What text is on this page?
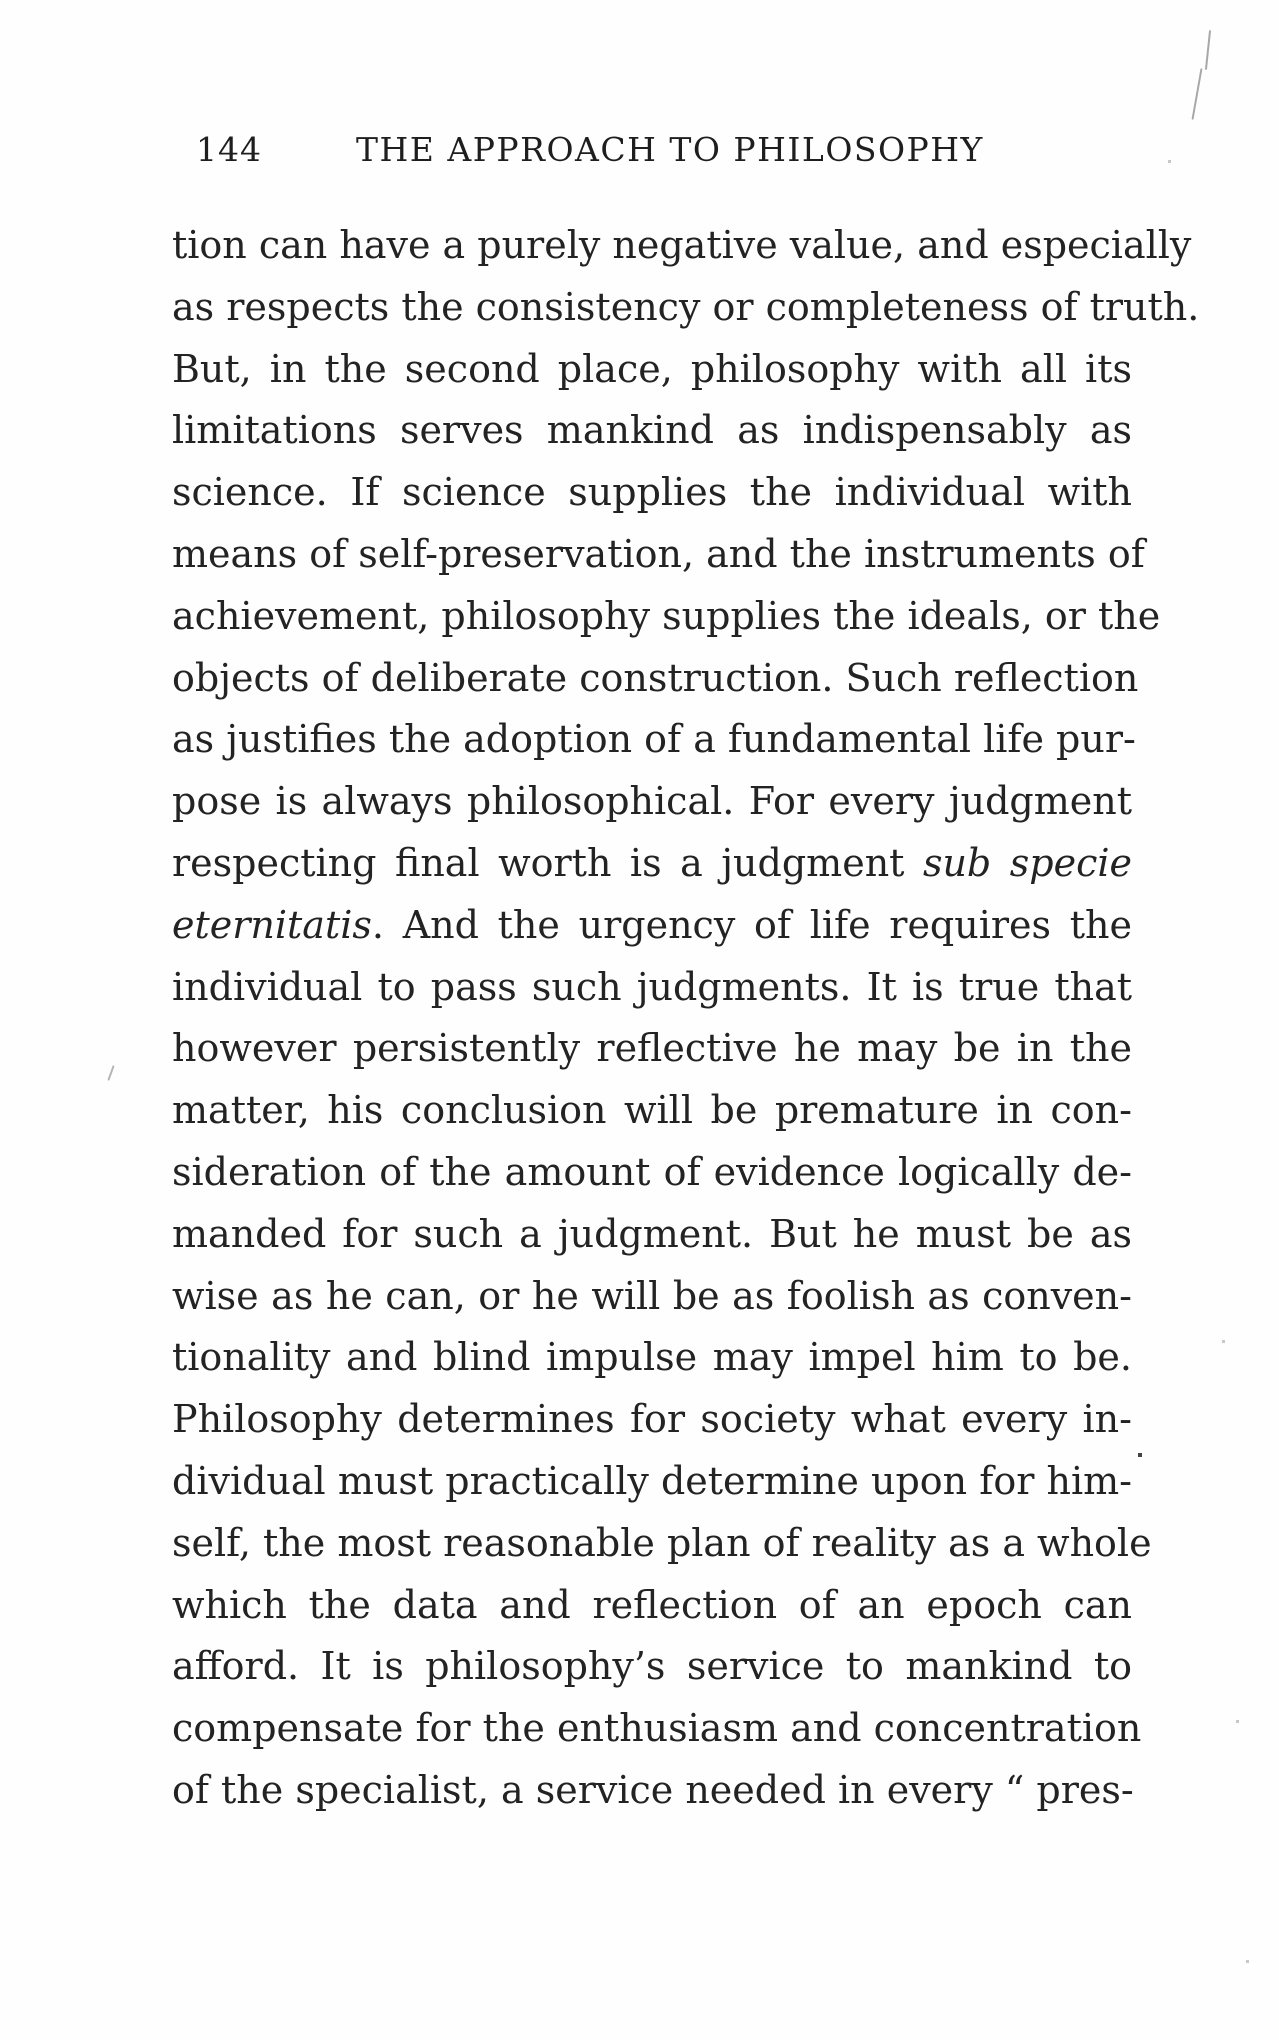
144	THE APPROACH TO PHILOSOPHY
tion can have a purely negative value, and especially
as respects the consistency or completeness of truth.
But, in the second place, philosophy with all its
limitations serves mankind as indispensably as
science. If science supplies the individual with
means of self-preservation, and the instruments of
achievement, philosophy supplies the ideals, or the
objects of deliberate construction. Such reflection
as justifies the adoption of a fundamental life pur-
pose is always philosophical. For every judgment
respecting final worth is a judgment sub specie
eternitatis. And the urgency of life requires the
individual to pass such judgments. It is true that
however persistently reflective he may be in the
matter, his conclusion will be premature in con-
sideration of the amount of evidence logically de-
manded for such a judgment. But he must be as
wise as he can, or he will be as foolish as conven-
tionality and blind impulse may impel him to be.
Philosophy determines for society what every in-
dividual must practically determine upon for him-
self, the most reasonable plan of reality as a whole
which the data and reflection of an epoch can
afford. It is philosophy’s service to mankind to
compensate for the enthusiasm and concentration
of the specialist, a service needed in every “ pres-
